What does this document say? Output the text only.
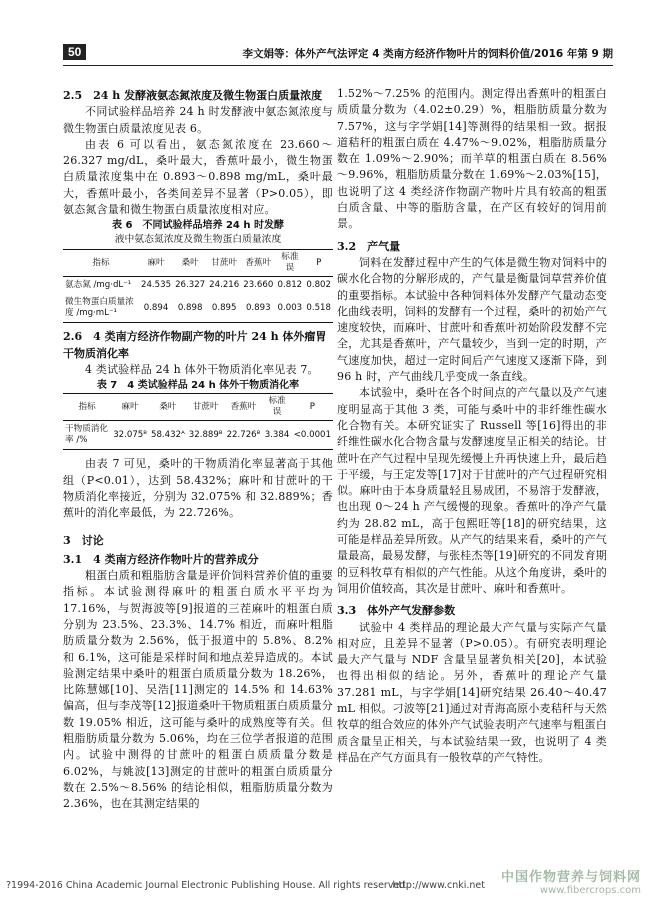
50	李文娟等：体外产气法评定 4 类南方经济作物叶片的饲料价值/2016 年第 9 期
2.5　24 h 发酵液氨态氮浓度及微生物蛋白质量浓度

不同试验样品培养 24 h 时发酵液中氨态氮浓度与微生物蛋白质量浓度见表 6。

由表 6 可以看出，氨态氮浓度在 23.660～26.327 mg/dL，桑叶最大，香蕉叶最小，微生物蛋白质量浓度集中在 0.893～0.898 mg/mL，桑叶最大，香蕉叶最小，各类间差异不显著（P>0.05），即氨态氮含量和微生物蛋白质量浓度相对应。

表 6　不同试验样品培养 24 h 时发酵
液中氨态氮浓度及微生物蛋白质量浓度
指标	麻叶	桑叶	甘蔗叶	香蕉叶	标准误	P
氨态氮 /mg·dL⁻¹	24.535	26.327	24.216	23.660	0.812	0.802
微生物蛋白质量浓度 /mg·mL⁻¹	0.894	0.898	0.895	0.893	0.003	0.518
2.6　4 类南方经济作物副产物的叶片 24 h 体外瘤胃干物质消化率

4 类试验样品 24 h 体外干物质消化率见表 7。

表 7　4 类试验样品 24 h 体外干物质消化率
指标	麻叶	桑叶	甘蔗叶	香蕉叶	标准误	P
干物质消化率 /%	32.075ᴮ	58.432ᴬ	32.889ᴮ	22.726ᴮ	3.384	<0.0001

由表 7 可见，桑叶的干物质消化率显著高于其他组（P<0.01），达到 58.432%；麻叶和甘蔗叶的干物质消化率接近，分别为 32.075% 和 32.889%；香蕉叶的消化率最低，为 22.726%。

3　讨论
3.1　4 类南方经济作物叶片的营养成分

粗蛋白质和粗脂肪含量是评价饲料营养价值的重要指标。本试验测得麻叶的粗蛋白质水平平均为 17.16%，与贺海波等[9]报道的三茬麻叶的粗蛋白质分别为 23.5%、23.3%、14.7% 相近，而麻叶粗脂肪质量分数为 2.56%，低于报道中的 5.8%、8.2% 和 6.1%，这可能是采样时间和地点差异造成的。本试验测定结果中桑叶的粗蛋白质质量分数为 18.26%，比陈慧娜[10]、吴浩[11]测定的 14.5% 和 14.63% 偏高，但与李茂等[12]报道桑叶干物质粗蛋白质质量分数 19.05% 相近，这可能与桑叶的成熟度等有关。但粗脂肪质量分数为 5.06%，均在三位学者报道的范围内。试验中测得的甘蔗叶的粗蛋白质质量分数是 6.02%，与姚波[13]测定的甘蔗叶的粗蛋白质质量分数在 2.5%～8.56% 的结论相似，粗脂肪质量分数为 2.36%，也在其测定结果的

1.52%～7.25% 的范围内。测定得出香蕉叶的粗蛋白质质量分数为（4.02±0.29）%，粗脂肪质量分数为 7.57%，这与字学娟[14]等测得的结果相一致。据报道秸秆的粗蛋白质在 4.47%～9.02%，粗脂肪质量分数在 1.09%～2.90%；而羊草的粗蛋白质在 8.56%～9.96%，粗脂肪质量分数在 1.69%～2.03%[15]，也说明了这 4 类经济作物副产物叶片具有较高的粗蛋白质含量、中等的脂肪含量，在产区有较好的饲用前景。

3.2　产气量

饲料在发酵过程中产生的气体是微生物对饲料中的碳水化合物的分解形成的，产气量是衡量饲草营养价值的重要指标。本试验中各种饲料体外发酵产气量动态变化曲线表明，饲料的发酵有一个过程，桑叶的初始产气速度较快，而麻叶、甘蔗叶和香蕉叶初始阶段发酵不完全，尤其是香蕉叶，产气量较少，当到一定的时期，产气速度加快，超过一定时间后产气速度又逐渐下降，到 96 h 时，产气曲线几乎变成一条直线。

本试验中，桑叶在各个时间点的产气量以及产气速度明显高于其他 3 类，可能与桑叶中的非纤维性碳水化合物有关。本研究证实了 Russell 等[16]得出的非纤维性碳水化合物含量与发酵速度呈正相关的结论。甘蔗叶在产气过程中呈现先缓慢上升再快速上升，最后趋于平缓，与王定发等[17]对于甘蔗叶的产气过程研究相似。麻叶由于本身质量轻且易成团，不易溶于发酵液，也出现 0～24 h 产气缓慢的现象。香蕉叶的净产气量约为 28.82 mL，高于包熙旺等[18]的研究结果，这可能是样品差异所致。从产气的结果来看，桑叶的产气量最高，最易发酵，与张桂杰等[19]研究的不同发育期的豆科牧草有相似的产气性能。从这个角度讲，桑叶的饲用价值较高，其次是甘蔗叶、麻叶和香蕉叶。

3.3　体外产气发酵参数

试验中 4 类样品的理论最大产气量与实际产气量相对应，且差异不显著（P>0.05）。有研究表明理论最大产气量与 NDF 含量呈显著负相关[20]，本试验也得出相似的结论。另外，香蕉叶的理论产气量 37.281 mL，与字学娟[14]研究结果 26.40～40.47 mL 相似。刁波等[21]通过对青海高原小麦秸秆与天然牧草的组合效应的体外产气试验表明产气速率与粗蛋白质含量呈正相关，与本试验结果一致，也说明了 4 类样品在产气方面具有一般牧草的产气特性。

?1994-2016 China Academic Journal Electronic Publishing House. All rights reserved.
http://www.cnki.net
中国作物营养与饲料网
www.fibercrops.com
